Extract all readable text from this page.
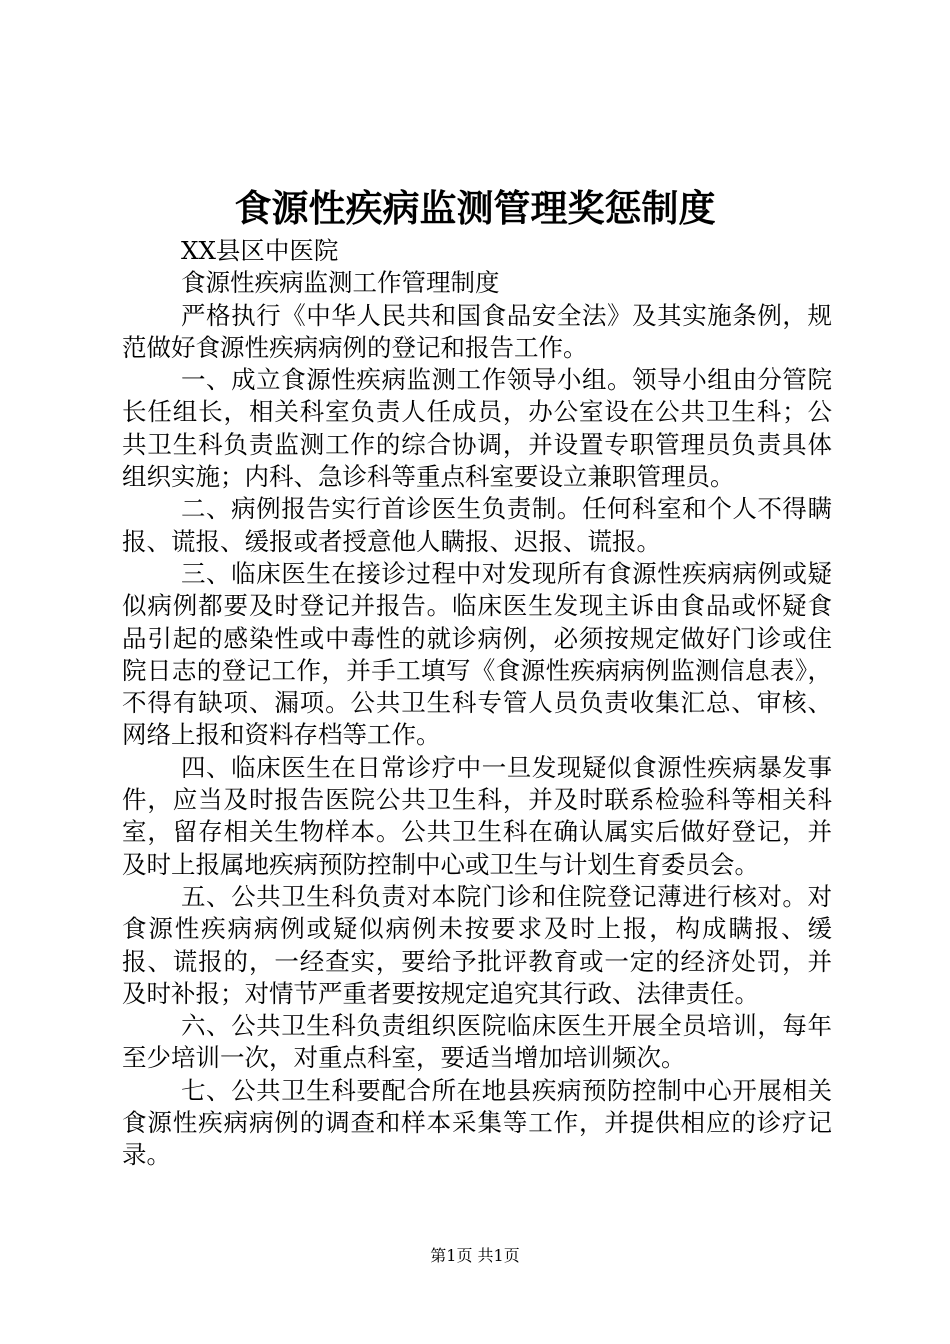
食源性疾病监测管理奖惩制度

XX县区中医院

食源性疾病监测工作管理制度

严格执行《中华人民共和国食品安全法》及其实施条例，规范做好食源性疾病病例的登记和报告工作。

一、成立食源性疾病监测工作领导小组。领导小组由分管院长任组长，相关科室负责人任成员，办公室设在公共卫生科；公共卫生科负责监测工作的综合协调，并设置专职管理员负责具体组织实施；内科、急诊科等重点科室要设立兼职管理员。

二、病例报告实行首诊医生负责制。任何科室和个人不得瞒报、谎报、缓报或者授意他人瞒报、迟报、谎报。

三、临床医生在接诊过程中对发现所有食源性疾病病例或疑似病例都要及时登记并报告。临床医生发现主诉由食品或怀疑食品引起的感染性或中毒性的就诊病例，必须按规定做好门诊或住院日志的登记工作，并手工填写《食源性疾病病例监测信息表》，不得有缺项、漏项。公共卫生科专管人员负责收集汇总、审核、网络上报和资料存档等工作。

四、临床医生在日常诊疗中一旦发现疑似食源性疾病暴发事件，应当及时报告医院公共卫生科，并及时联系检验科等相关科室，留存相关生物样本。公共卫生科在确认属实后做好登记，并及时上报属地疾病预防控制中心或卫生与计划生育委员会。

五、公共卫生科负责对本院门诊和住院登记薄进行核对。对食源性疾病病例或疑似病例未按要求及时上报，构成瞒报、缓报、谎报的，一经查实，要给予批评教育或一定的经济处罚，并及时补报；对情节严重者要按规定追究其行政、法律责任。

六、公共卫生科负责组织医院临床医生开展全员培训，每年至少培训一次，对重点科室，要适当增加培训频次。

七、公共卫生科要配合所在地县疾病预防控制中心开展相关食源性疾病病例的调查和样本采集等工作，并提供相应的诊疗记录。

第1页 共1页
